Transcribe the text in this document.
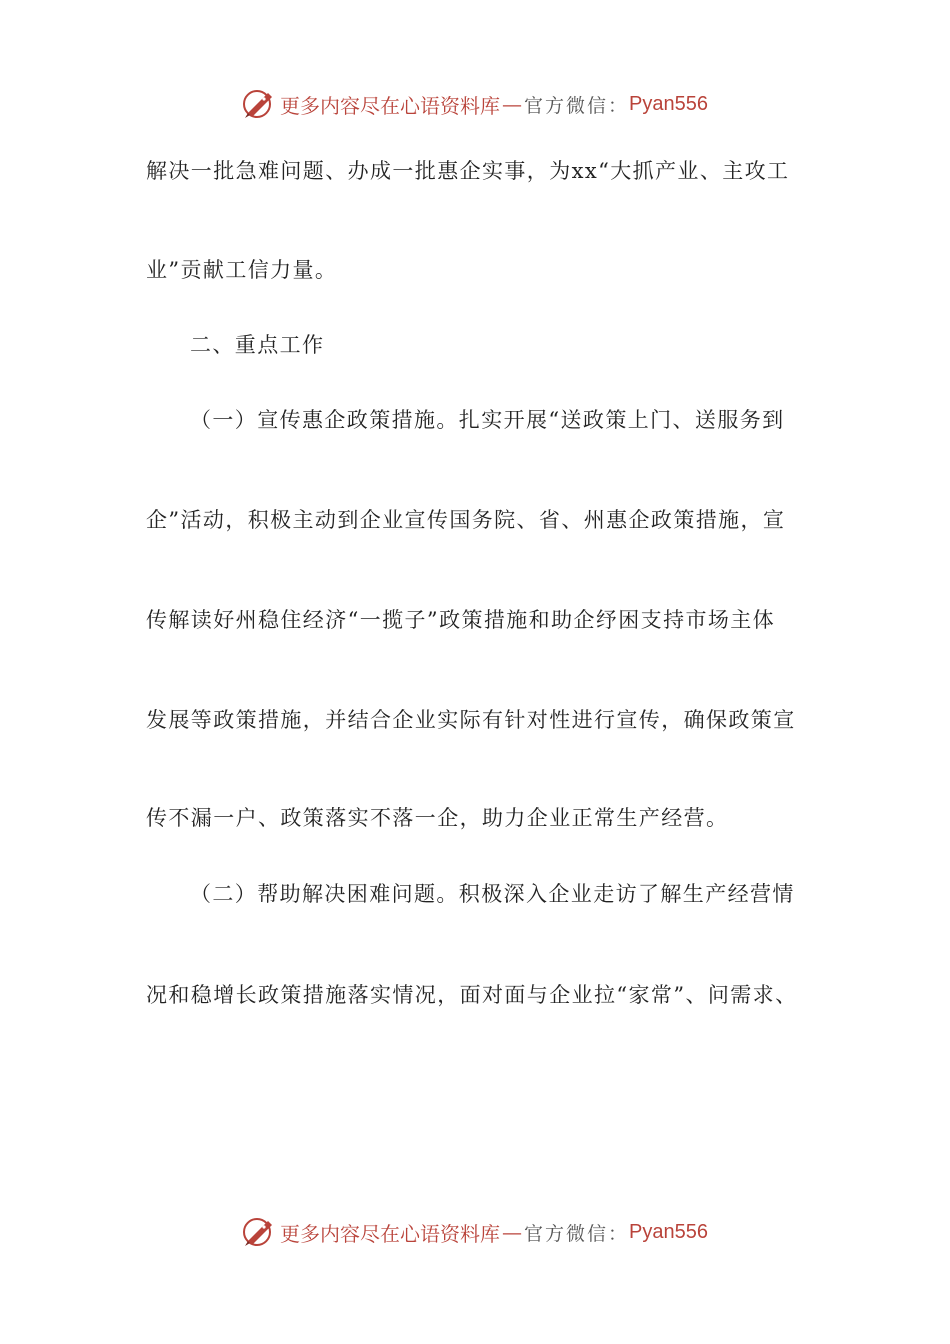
更多内容尽在心语资料库 — 官方微信： Pyan556
解决一批急难问题、办成一批惠企实事，为xx“大抓产业、主攻工
业”贡献工信力量。
二、重点工作
（一）宣传惠企政策措施。扎实开展“送政策上门、送服务到
企”活动，积极主动到企业宣传国务院、省、州惠企政策措施，宣
传解读好州稳住经济“一揽子”政策措施和助企纾困支持市场主体
发展等政策措施，并结合企业实际有针对性进行宣传，确保政策宣
传不漏一户、政策落实不落一企，助力企业正常生产经营。
（二）帮助解决困难问题。积极深入企业走访了解生产经营情
况和稳增长政策措施落实情况，面对面与企业拉“家常”、问需求、
更多内容尽在心语资料库 — 官方微信： Pyan556
